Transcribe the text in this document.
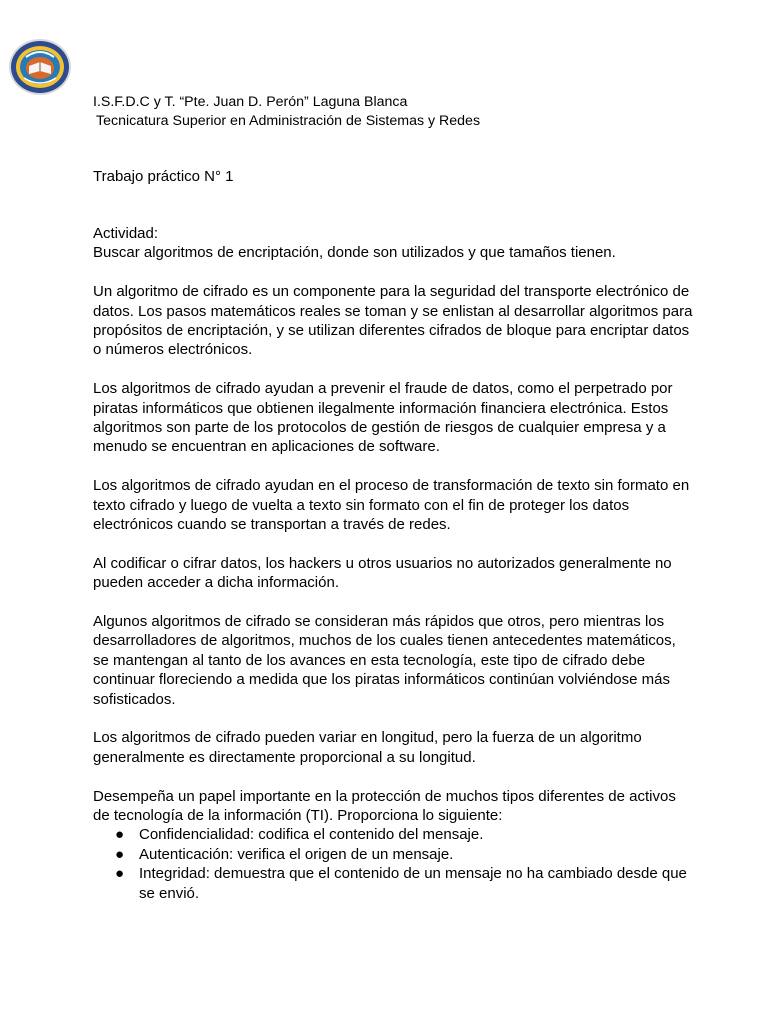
I.S.F.D.C y T. “Pte. Juan D. Perón” Laguna Blanca
Tecnicatura Superior en Administración de Sistemas y Redes
Trabajo práctico N° 1

Actividad:

Buscar algoritmos de encriptación, donde son utilizados y que tamaños tienen.

Un algoritmo de cifrado es un componente para la seguridad del transporte electrónico de datos. Los pasos matemáticos reales se toman y se enlistan al desarrollar algoritmos para propósitos de encriptación, y se utilizan diferentes cifrados de bloque para encriptar datos o números electrónicos.

Los algoritmos de cifrado ayudan a prevenir el fraude de datos, como el perpetrado por piratas informáticos que obtienen ilegalmente información financiera electrónica. Estos algoritmos son parte de los protocolos de gestión de riesgos de cualquier empresa y a menudo se encuentran en aplicaciones de software.

Los algoritmos de cifrado ayudan en el proceso de transformación de texto sin formato en texto cifrado y luego de vuelta a texto sin formato con el fin de proteger los datos electrónicos cuando se transportan a través de redes.

Al codificar o cifrar datos, los hackers u otros usuarios no autorizados generalmente no pueden acceder a dicha información.

Algunos algoritmos de cifrado se consideran más rápidos que otros, pero mientras los desarrolladores de algoritmos, muchos de los cuales tienen antecedentes matemáticos, se mantengan al tanto de los avances en esta tecnología, este tipo de cifrado debe continuar floreciendo a medida que los piratas informáticos continúan volviéndose más sofisticados.

Los algoritmos de cifrado pueden variar en longitud, pero la fuerza de un algoritmo generalmente es directamente proporcional a su longitud.

Desempeña un papel importante en la protección de muchos tipos diferentes de activos de tecnología de la información (TI). Proporciona lo siguiente:

● Confidencialidad: codifica el contenido del mensaje.
● Autenticación: verifica el origen de un mensaje.
● Integridad: demuestra que el contenido de un mensaje no ha cambiado desde que se envió.
